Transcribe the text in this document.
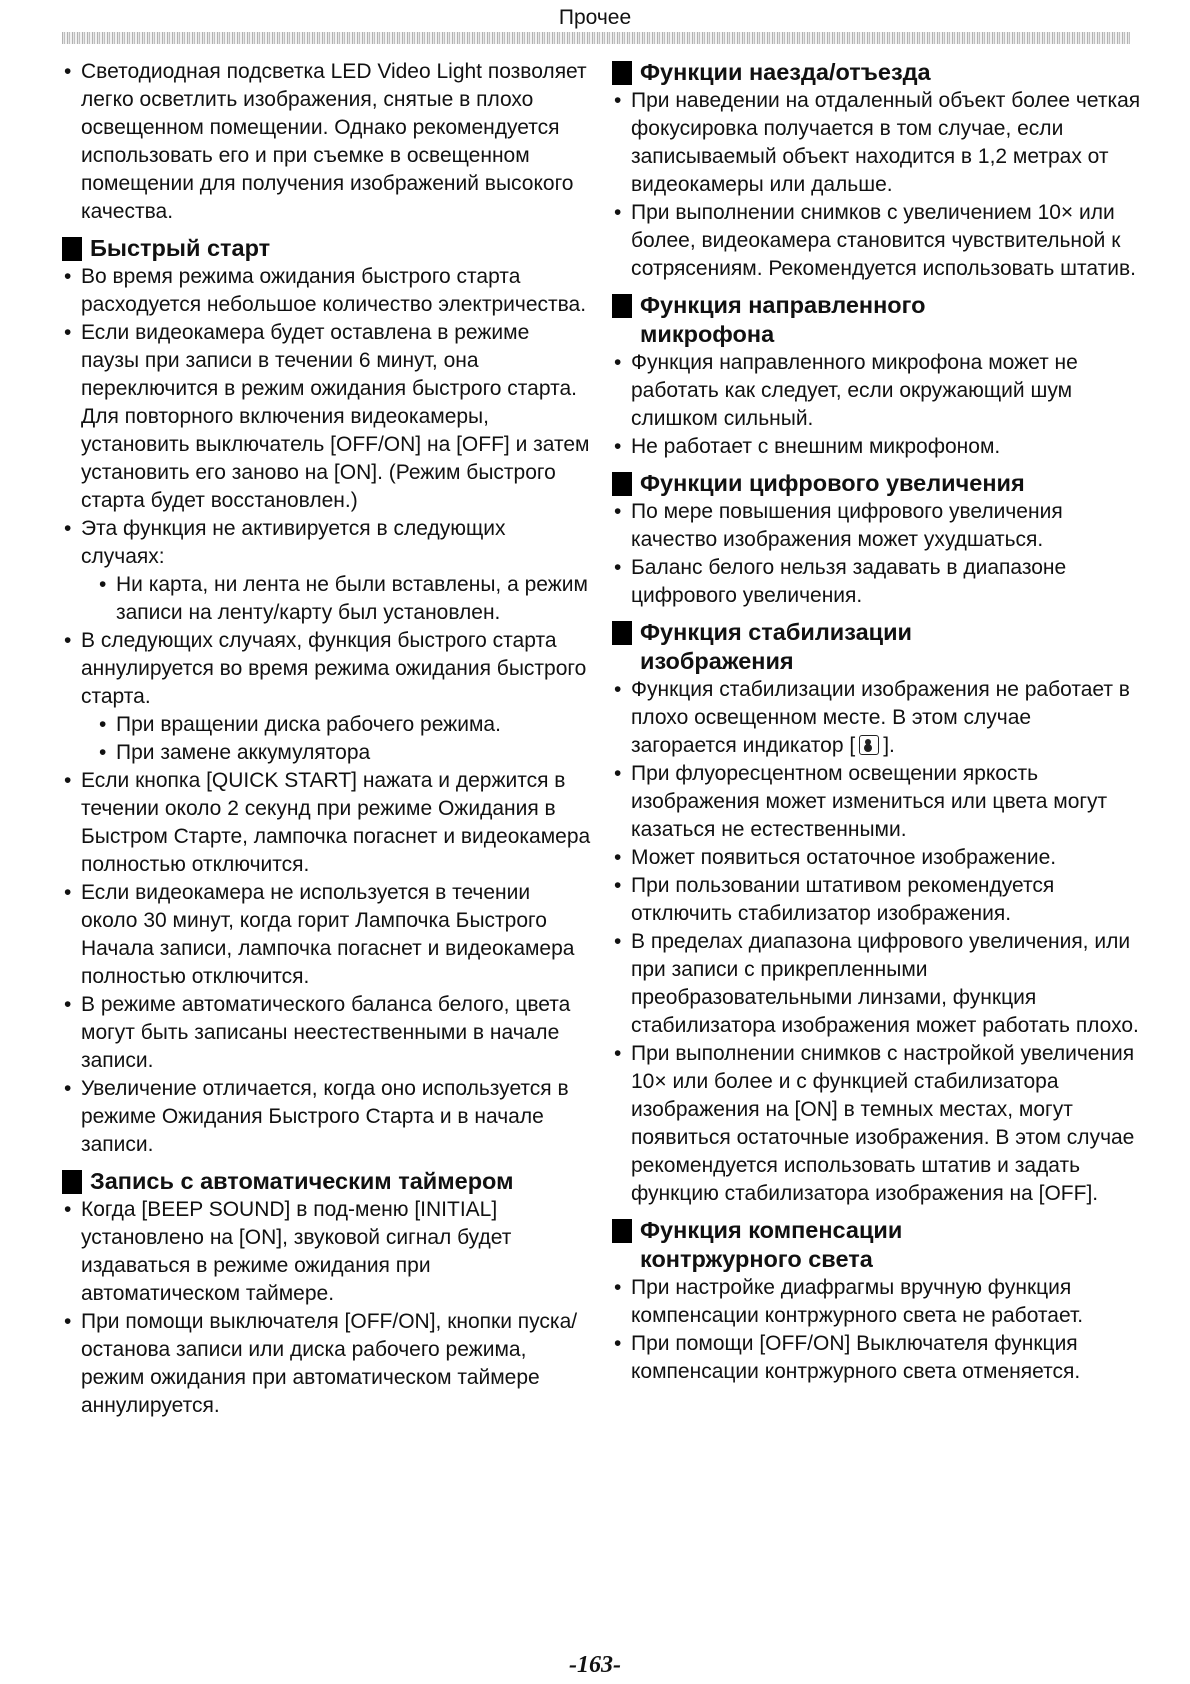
Прочее
• Светодиодная подсветка LED Video Light позволяет легко осветлить изображения, снятые в плохо освещенном помещении. Однако рекомендуется использовать его и при съемке в освещенном помещении для получения изображений высокого качества.
Быстрый старт
• Во время режима ожидания быстрого старта расходуется небольшое количество электричества.
• Если видеокамера будет оставлена в режиме паузы при записи в течении 6 минут, она переключится в режим ожидания быстрого старта. Для повторного включения видеокамеры, установить выключатель [OFF/ON] на [OFF] и затем установить его заново на [ON]. (Режим быстрого старта будет восстановлен.)
• Эта функция не активируется в следующих случаях:
• Ни карта, ни лента не были вставлены, а режим записи на ленту/карту был установлен.
• В следующих случаях, функция быстрого старта аннулируется во время режима ожидания быстрого старта.
• При вращении диска рабочего режима.
• При замене аккумулятора
• Если кнопка [QUICK START] нажата и держится в течении около 2 секунд при режиме Ожидания в Быстром Старте, лампочка погаснет и видеокамера полностью отключится.
• Если видеокамера не используется в течении около 30 минут, когда горит Лампочка Быстрого Начала записи, лампочка погаснет и видеокамера полностью отключится.
• В режиме автоматического баланса белого, цвета могут быть записаны неестественными в начале записи.
• Увеличение отличается, когда оно используется в режиме Ожидания Быстрого Старта и в начале записи.
Запись с автоматическим таймером
• Когда [BEEP SOUND] в под-меню [INITIAL] установлено на [ON], звуковой сигнал будет издаваться в режиме ожидания при автоматическом таймере.
• При помощи выключателя [OFF/ON], кнопки пуска/останова записи или диска рабочего режима, режим ожидания при автоматическом таймере аннулируется.
Функции наезда/отъезда
• При наведении на отдаленный объект более четкая фокусировка получается в том случае, если записываемый объект находится в 1,2 метрах от видеокамеры или дальше.
• При выполнении снимков с увеличением 10× или более, видеокамера становится чувствительной к сотрясениям. Рекомендуется использовать штатив.
Функция направленного
микрофона
• Функция направленного микрофона может не работать как следует, если окружающий шум слишком сильный.
• Не работает с внешним микрофоном.
Функции цифрового увеличения
• По мере повышения цифрового увеличения качество изображения может ухудшаться.
• Баланс белого нельзя задавать в диапазоне цифрового увеличения.
Функция стабилизации
изображения
• Функция стабилизации изображения не работает в плохо освещенном месте. В этом случае загорается индикатор [ ].
• При флуоресцентном освещении яркость изображения может измениться или цвета могут казаться не естественными.
• Может появиться остаточное изображение.
• При пользовании штативом рекомендуется отключить стабилизатор изображения.
• В пределах диапазона цифрового увеличения, или при записи с прикрепленными преобразовательными линзами, функция стабилизатора изображения может работать плохо.
• При выполнении снимков с настройкой увеличения 10× или более и с функцией стабилизатора изображения на [ON] в темных местах, могут появиться остаточные изображения. В этом случае рекомендуется использовать штатив и задать функцию стабилизатора изображения на [OFF].
Функция компенсации
контржурного света
• При настройке диафрагмы вручную функция компенсации контржурного света не работает.
• При помощи [OFF/ON] Выключателя функция компенсации контржурного света отменяется.
-163-
